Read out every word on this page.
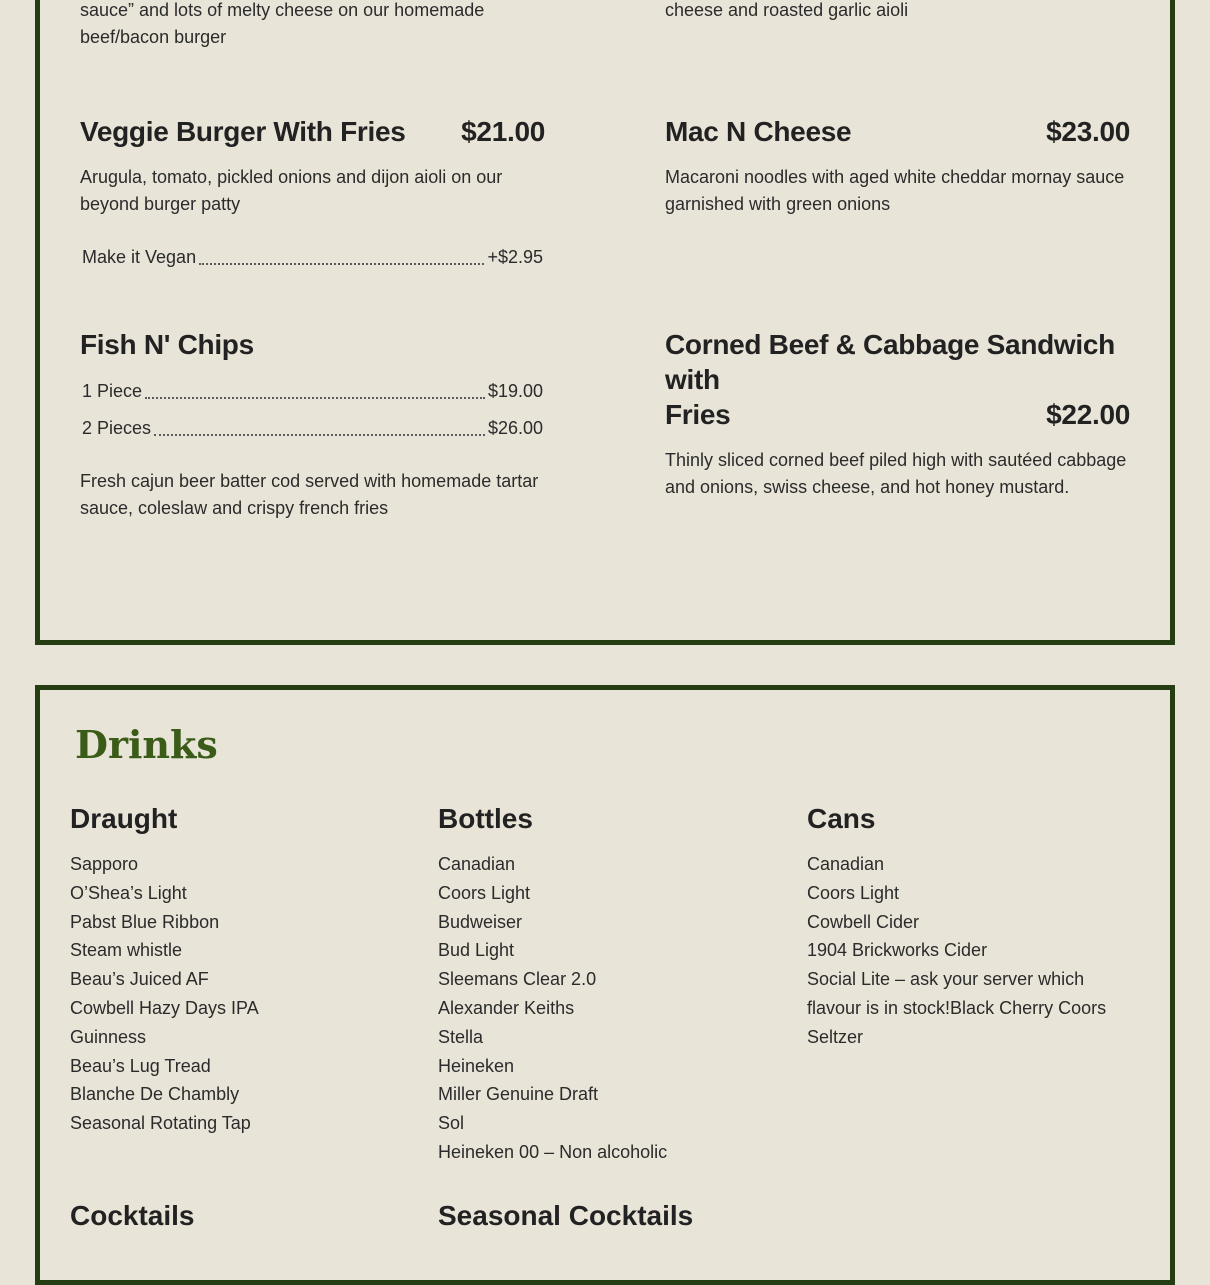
sauce” and lots of melty cheese on our homemade beef/bacon burger
cheese and roasted garlic aioli
Veggie Burger With Fries $21.00
Arugula, tomato, pickled onions and dijon aioli on our beyond burger patty
Make it Vegan	+$2.95
Mac N Cheese	$23.00
Macaroni noodles with aged white cheddar mornay sauce garnished with green onions
Fish N' Chips
1 Piece	$19.00
2 Pieces	$26.00
Fresh cajun beer batter cod served with homemade tartar sauce, coleslaw and crispy french fries
Corned Beef & Cabbage Sandwich with
Fries	$22.00
Thinly sliced corned beef piled high with sautéed cabbage and onions, swiss cheese, and hot honey mustard.
Drinks
Draught
Sapporo
O’Shea’s Light
Pabst Blue Ribbon
Steam whistle
Beau’s Juiced AF
Cowbell Hazy Days IPA
Guinness
Beau’s Lug Tread
Blanche De Chambly
Seasonal Rotating Tap
Bottles
Canadian
Coors Light
Budweiser
Bud Light
Sleemans Clear 2.0
Alexander Keiths
Stella
Heineken
Miller Genuine Draft
Sol
Heineken 00 – Non alcoholic
Cans
Canadian
Coors Light
Cowbell Cider
1904 Brickworks Cider
Social Lite – ask your server which
flavour is in stock!Black Cherry Coors
Seltzer
Cocktails	Seasonal Cocktails
